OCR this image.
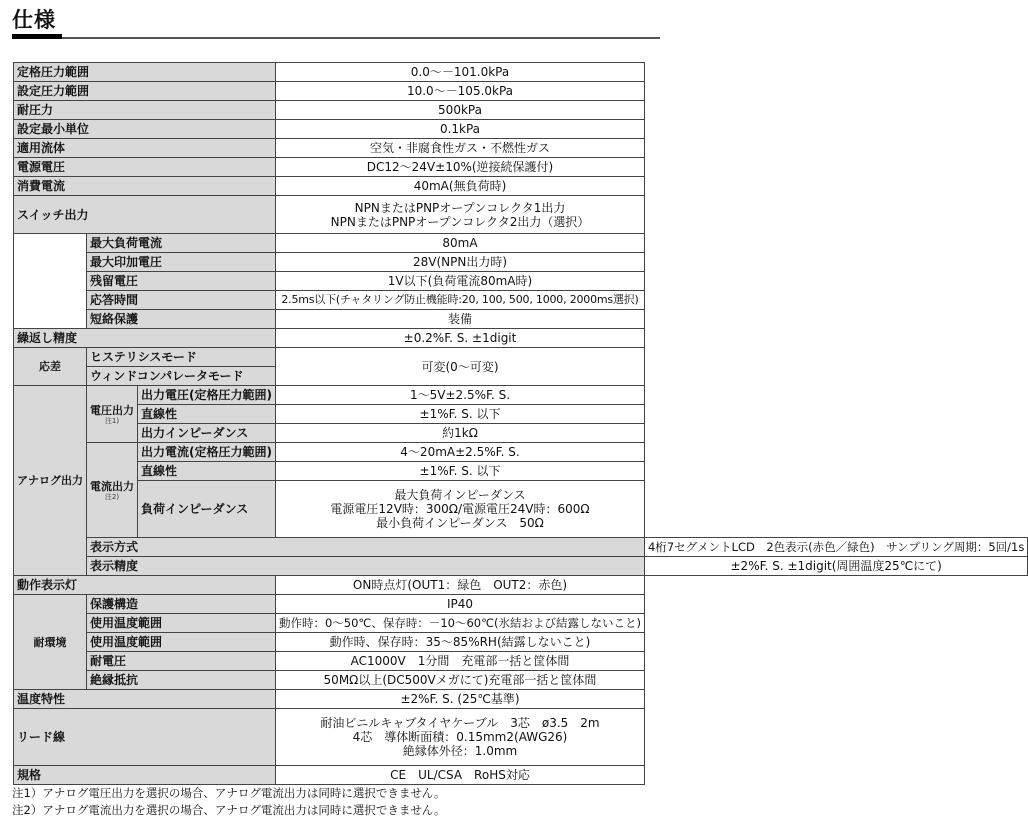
仕様
定格圧力範囲			0.0～－101.0kPa	
設定圧力範囲			10.0～－105.0kPa	
耐圧力			500kPa	
設定最小単位			0.1kPa	
適用流体			空気・非腐食性ガス・不燃性ガス	
電源電圧			DC12～24V±10%(逆接続保護付)	
消費電流			40mA(無負荷時)	
スイッチ出力			NPNまたはPNPオープンコレクタ1出力
NPNまたはPNPオープンコレクタ2出力（選択）	

	最大負荷電流		80mA	
	最大印加電圧		28V(NPN出力時)	
	残留電圧		1V以下(負荷電流80mA時)	
	応答時間		2.5ms以下(チャタリング防止機能時:20, 100, 500, 1000, 2000ms選択)	
	短絡保護		装備	
繰返し精度			±0.2%F. S. ±1digit	
応差	ヒステリシスモード		可変(0～可変)	
	ウィンドコンパレータモード			
アナログ出力	電圧出力
注1)	出力電圧(定格圧力範囲)	1～5V±2.5%F. S.	
		直線性	±1%F. S. 以下	
		出力インピーダンス	約1kΩ	
	電流出力
注2)	出力電流(定格圧力範囲)	4～20mA±2.5%F. S.	
		直線性	±1%F. S. 以下	
		負荷インピーダンス	最大負荷インピーダンス
電源電圧12V時：300Ω/電源電圧24V時：600Ω
最小負荷インピーダンス　50Ω	

	表示方式			4桁7セグメントLCD　2色表示(赤色／緑色)　サンプリング周期：5回/1s
	表示精度			±2%F. S. ±1digit(周囲温度25℃にて)
動作表示灯			ON時点灯(OUT1：緑色　OUT2：赤色)	
耐環境	保護構造		IP40	
	使用温度範囲		動作時：0～50℃、保存時：－10～60℃(氷結および結露しないこと)	
	使用温度範囲		動作時、保存時：35～85%RH(結露しないこと)	
	耐電圧		AC1000V　1分間　充電部一括と筐体間	
	絶縁抵抗		50MΩ以上(DC500Vメガにて)充電部一括と筐体間	
温度特性			±2%F. S. (25℃基準)	
リード線			耐油ビニルキャブタイヤケーブル　3芯　ø3.5　2m
4芯　導体断面積：0.15mm2(AWG26)
絶縁体外径：1.0mm	

規格			CE　UL/CSA　RoHS対応	
注1）アナログ電圧出力を選択の場合、アナログ電流出力は同時に選択できません。
注2）アナログ電流出力を選択の場合、アナログ電流出力は同時に選択できません。
